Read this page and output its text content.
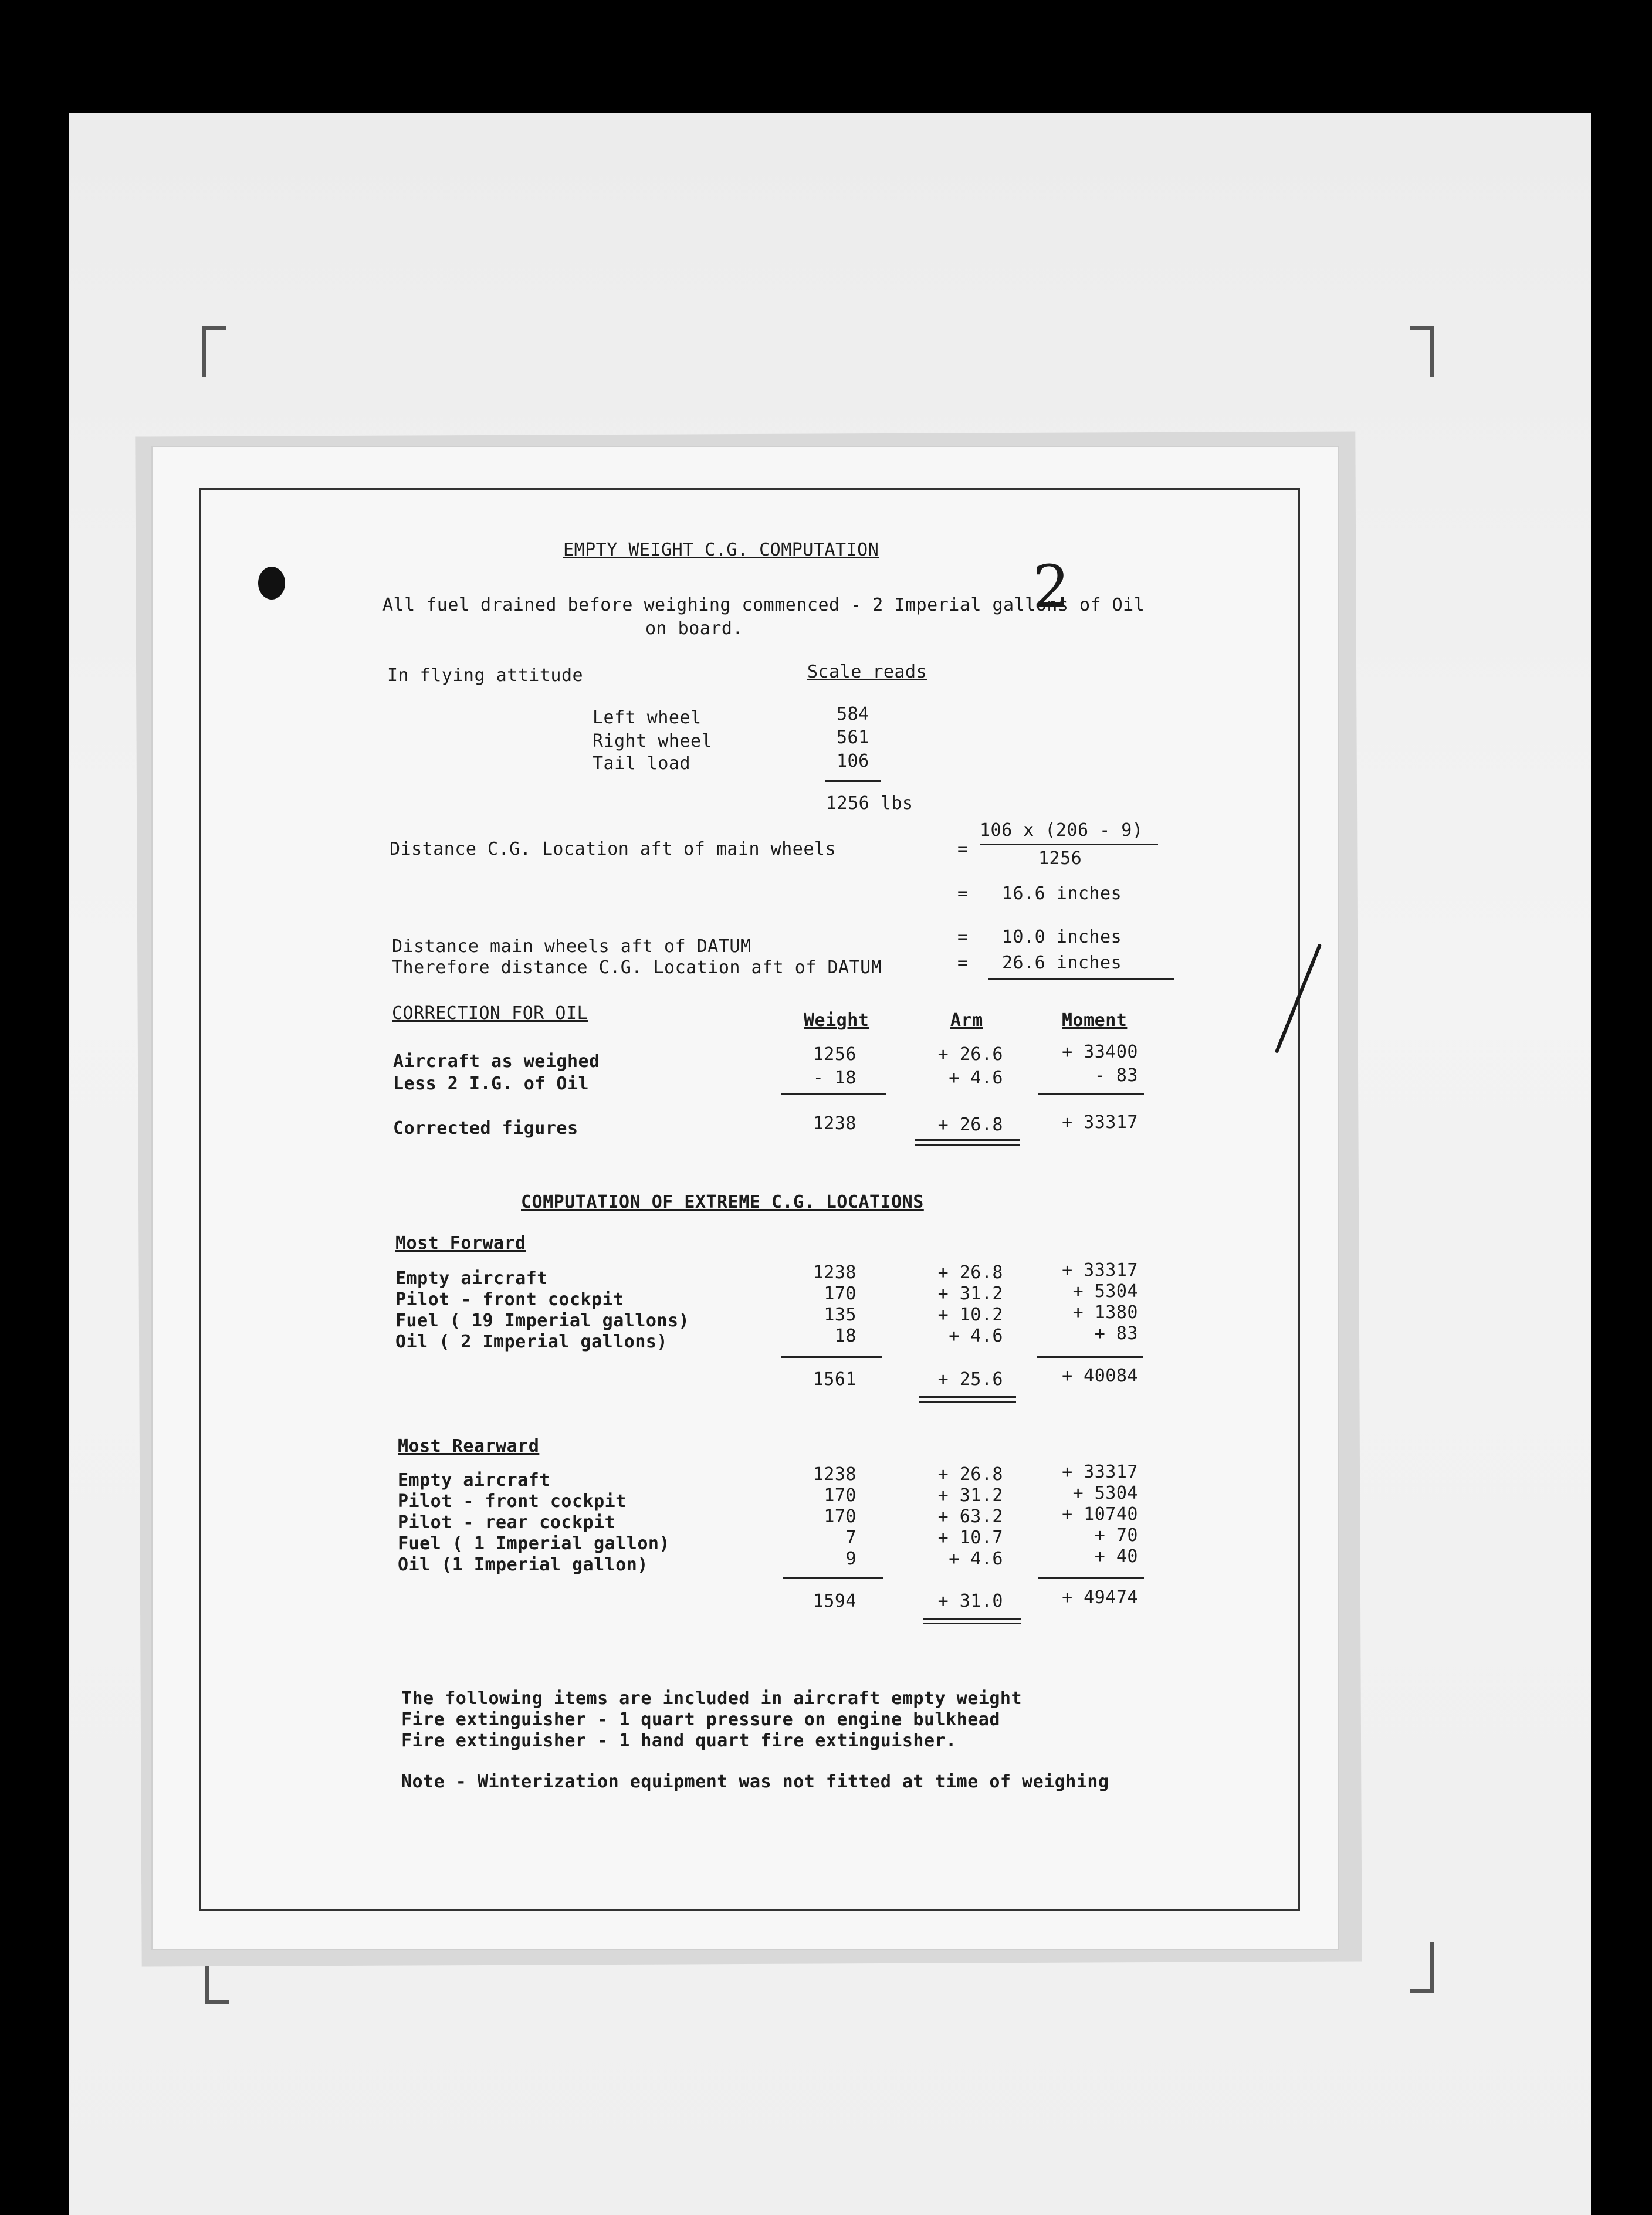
EMPTY WEIGHT C.G. COMPUTATION
2
All fuel drained before weighing commenced - 2 Imperial gallons of Oil
on board.
In flying attitude	Scale reads
Left wheel	584
Right wheel	561
Tail load	106
1256 lbs
Distance C.G. Location aft of main wheels	=
106 x (206 - 9)
1256
= 16.6 inches
Distance main wheels aft of DATUM	= 10.0 inches
Therefore distance C.G. Location aft of DATUM	= 26.6 inches
CORRECTION FOR OIL	Weight	Arm	Moment
Aircraft as weighed	1256	+ 26.6	+ 33400
Less 2 I.G. of Oil	- 18	+ 4.6	- 83
Corrected figures	1238	+ 26.8	+ 33317
COMPUTATION OF EXTREME C.G. LOCATIONS
Most Forward
Empty aircraft	1238	+ 26.8	+ 33317
Pilot - front cockpit	170	+ 31.2	+ 5304
Fuel ( 19 Imperial gallons)	135	+ 10.2	+ 1380
Oil ( 2 Imperial gallons)	18	+ 4.6	+ 83
1561	+ 25.6	+ 40084
Most Rearward
Empty aircraft	1238	+ 26.8	+ 33317
Pilot - front cockpit	170	+ 31.2	+ 5304
Pilot - rear cockpit	170	+ 63.2	+ 10740
Fuel ( 1 Imperial gallon)	7	+ 10.7	+ 70
Oil (1 Imperial gallon)	9	+ 4.6	+ 40
1594	+ 31.0	+ 49474
The following items are included in aircraft empty weight
Fire extinguisher - 1 quart pressure on engine bulkhead
Fire extinguisher - 1 hand quart fire extinguisher.
Note - Winterization equipment was not fitted at time of weighing
